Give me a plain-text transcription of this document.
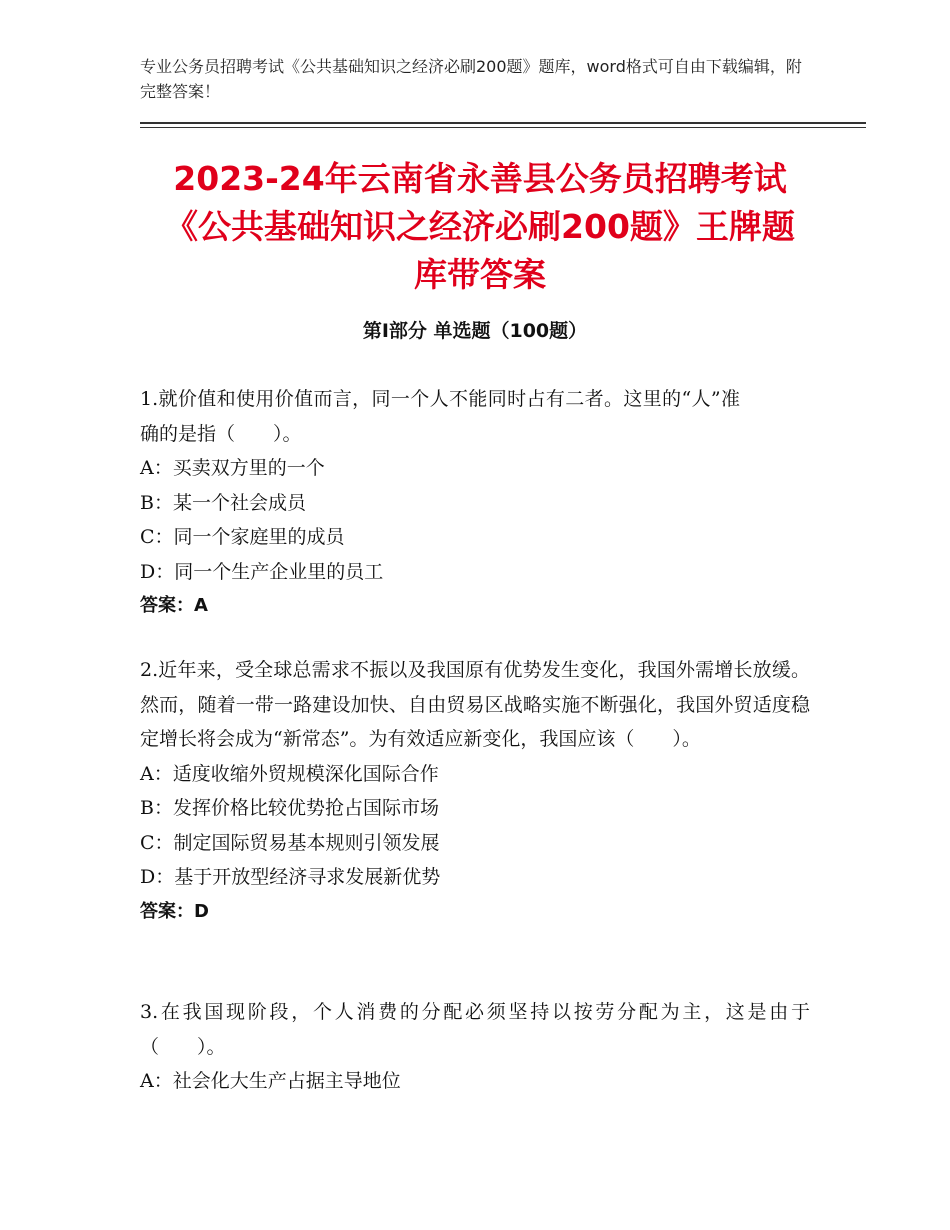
专业公务员招聘考试《公共基础知识之经济必刷200题》题库，word格式可自由下载编辑，附完整答案！
2023-24年云南省永善县公务员招聘考试
《公共基础知识之经济必刷200题》王牌题
库带答案
第Ⅰ部分 单选题（100题）
1.就价值和使用价值而言，同一个人不能同时占有二者。这里的“人”准确的是指（　　）。
A：买卖双方里的一个
B：某一个社会成员
C：同一个家庭里的成员
D：同一个生产企业里的员工
答案：A
2.近年来，受全球总需求不振以及我国原有优势发生变化，我国外需增长放缓。然而，随着一带一路建设加快、自由贸易区战略实施不断强化，我国外贸适度稳定增长将会成为“新常态”。为有效适应新变化，我国应该（　　）。
A：适度收缩外贸规模深化国际合作
B：发挥价格比较优势抢占国际市场
C：制定国际贸易基本规则引领发展
D：基于开放型经济寻求发展新优势
答案：D
3.在我国现阶段，个人消费的分配必须坚持以按劳分配为主，这是由于（　　）。
A：社会化大生产占据主导地位
